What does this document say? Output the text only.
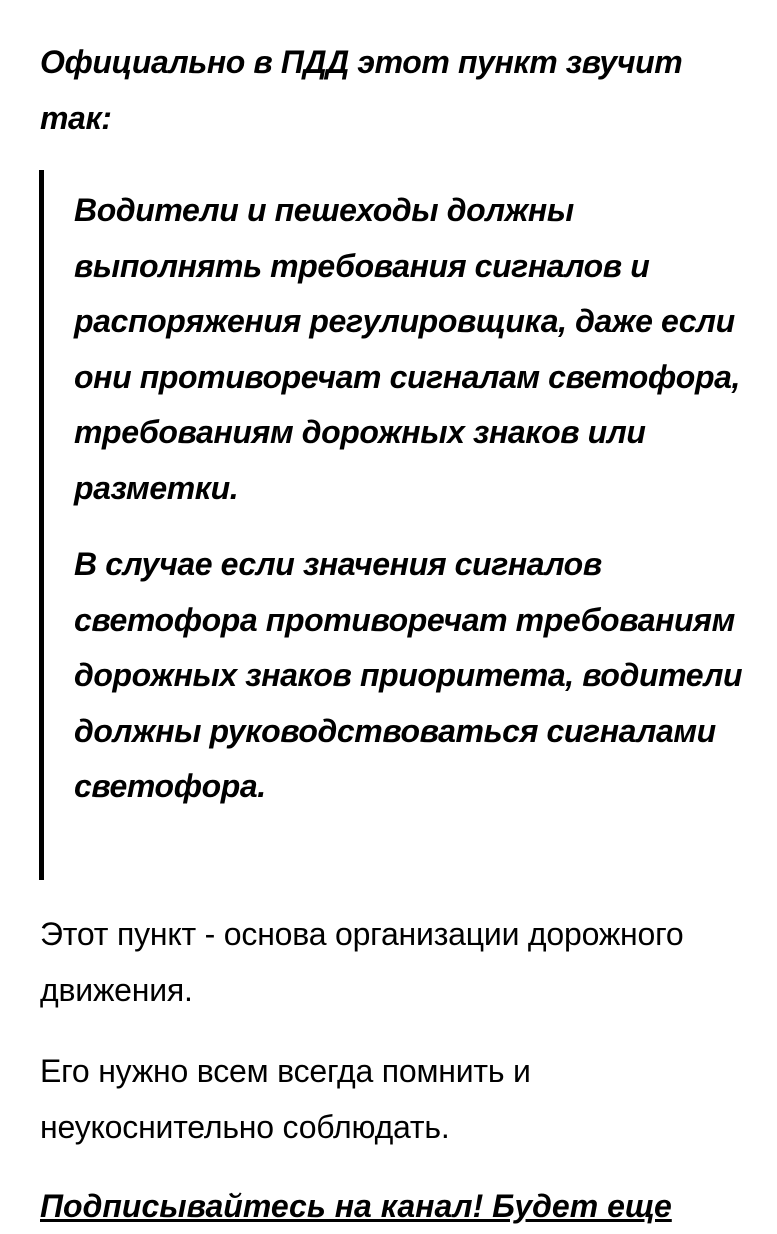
Официально в ПДД этот пункт звучит так:

Водители и пешеходы должны выполнять требования сигналов и распоряжения регулировщика, даже если они противоречат сигналам светофора, требованиям дорожных знаков или разметки.

В случае если значения сигналов светофора противоречат требованиям дорожных знаков приоритета, водители должны руководствоваться сигналами светофора.

Этот пункт - основа организации дорожного движения.

Его нужно всем всегда помнить и неукоснительно соблюдать.

Подписывайтесь на канал! Будет еще
